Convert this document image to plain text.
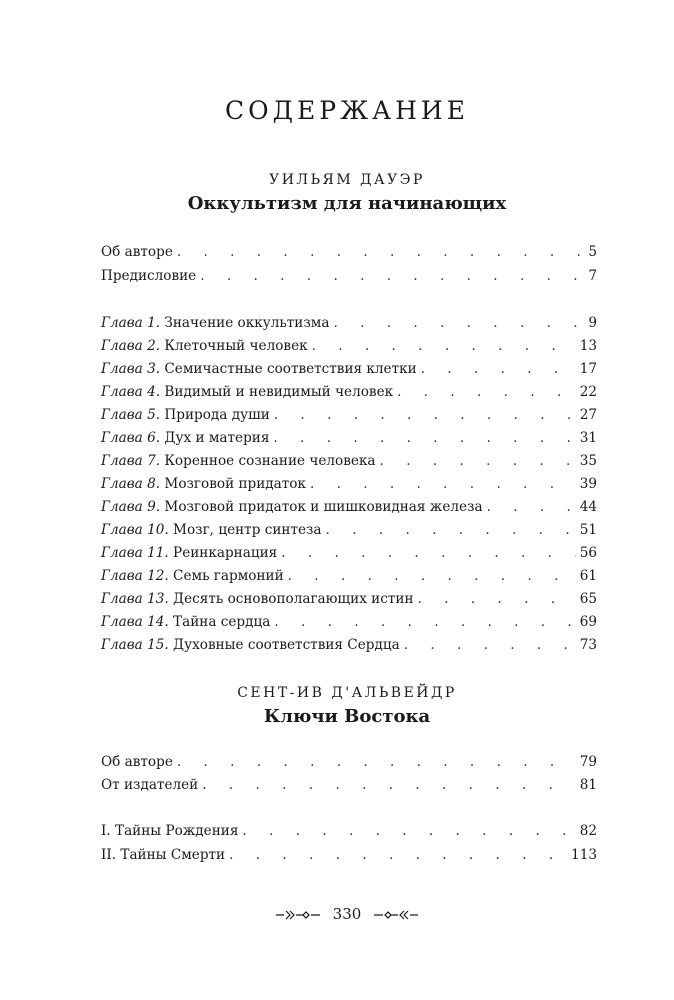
СОДЕРЖАНИЕ
УИЛЬЯМ ДАУЭР
Оккультизм для начинающих
Об авторе . . .	5
Предисловие . . .	7
Глава 1. Значение оккультизма . . .	9
Глава 2. Клеточный человек . . .	13
Глава 3. Семичастные соответствия клетки . . .	17
Глава 4. Видимый и невидимый человек . . .	22
Глава 5. Природа души . . .	27
Глава 6. Дух и материя . . .	31
Глава 7. Коренное сознание человека . . .	35
Глава 8. Мозговой придаток . . .	39
Глава 9. Мозговой придаток и шишковидная железа . . .	44
Глава 10. Мозг, центр синтеза . . .	51
Глава 11. Реинкарнация . . .	56
Глава 12. Семь гармоний . . .	61
Глава 13. Десять основополагающих истин . . .	65
Глава 14. Тайна сердца . . .	69
Глава 15. Духовные соответствия Сердца . . .	73
СЕНТ-ИВ Д'АЛЬВЕЙДР
Ключи Востока
Об авторе . . .	79
От издателей . . .	81
I. Тайны Рождения . . .	82
II. Тайны Смерти . . .	113
330
